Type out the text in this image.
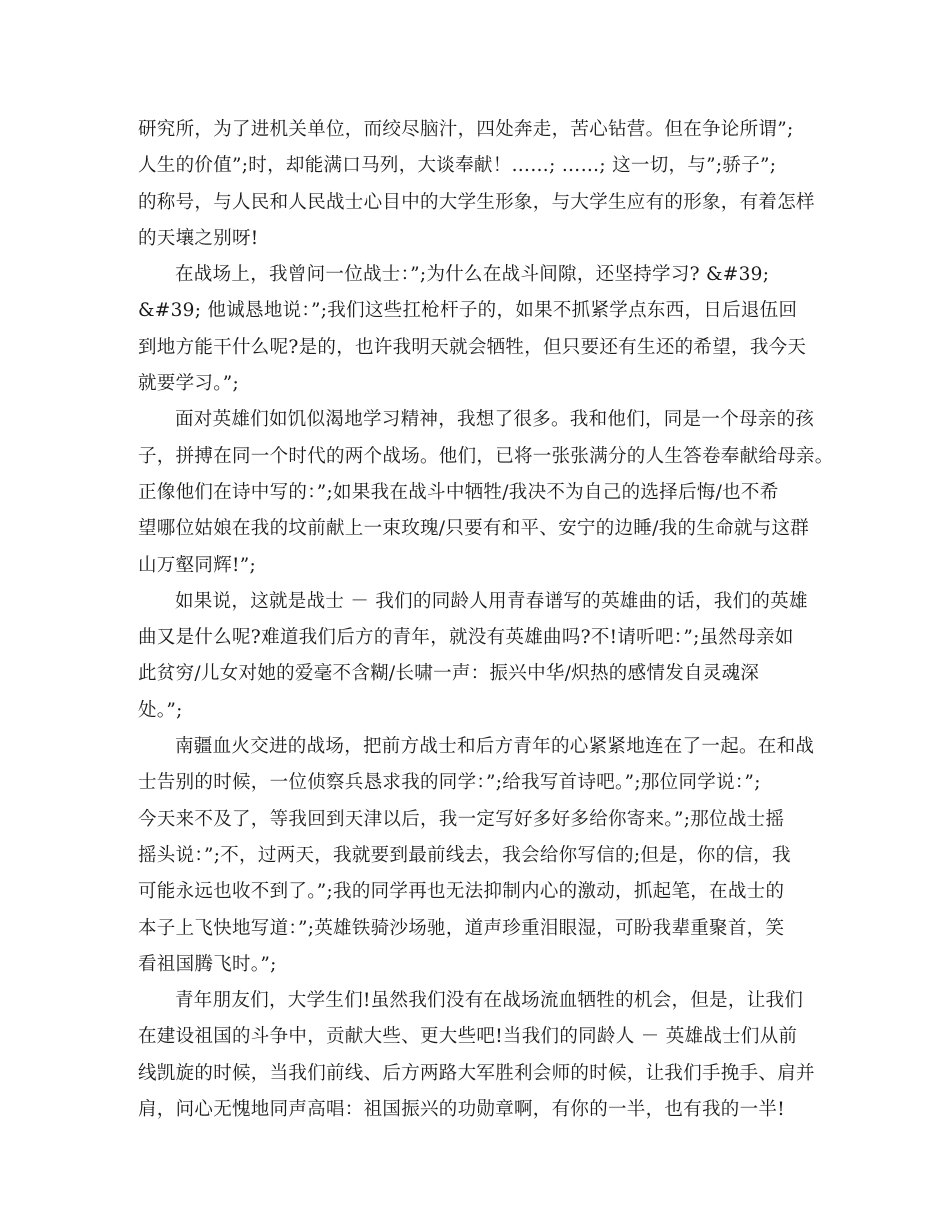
研究所，为了进机关单位，而绞尽脑汁，四处奔走，苦心钻营。但在争论所谓”;
人生的价值”;时，却能满口马列，大谈奉献！……; ……; 这一切，与”;骄子”;
的称号，与人民和人民战士心目中的大学生形象，与大学生应有的形象，有着怎样
的天壤之别呀!
在战场上，我曾问一位战士：”;为什么在战斗间隙，还坚持学习? &#39;
&#39; 他诚恳地说：”;我们这些扛枪杆子的，如果不抓紧学点东西，日后退伍回
到地方能干什么呢?是的，也许我明天就会牺牲，但只要还有生还的希望，我今天
就要学习。”;
面对英雄们如饥似渴地学习精神，我想了很多。我和他们，同是一个母亲的孩
子，拼搏在同一个时代的两个战场。他们，已将一张张满分的人生答卷奉献给母亲。
正像他们在诗中写的：”;如果我在战斗中牺牲/我决不为自己的选择后悔/也不希
望哪位姑娘在我的坟前献上一束玫瑰/只要有和平、安宁的边睡/我的生命就与这群
山万壑同辉!”;
如果说，这就是战士 － 我们的同龄人用青春谱写的英雄曲的话，我们的英雄
曲又是什么呢?难道我们后方的青年，就没有英雄曲吗?不!请听吧：”;虽然母亲如
此贫穷/儿女对她的爱毫不含糊/长啸一声：振兴中华/炽热的感情发自灵魂深
处。”;
南疆血火交进的战场，把前方战士和后方青年的心紧紧地连在了一起。在和战
士告别的时候，一位侦察兵恳求我的同学：”;给我写首诗吧。”;那位同学说：”;
今天来不及了，等我回到天津以后，我一定写好多好多给你寄来。”;那位战士摇
摇头说：”;不，过两天，我就要到最前线去，我会给你写信的;但是，你的信，我
可能永远也收不到了。”;我的同学再也无法抑制内心的激动，抓起笔，在战士的
本子上飞快地写道：”;英雄铁骑沙场驰，道声珍重泪眼湿，可盼我辈重聚首，笑
看祖国腾飞时。”;
青年朋友们，大学生们!虽然我们没有在战场流血牺牲的机会，但是，让我们
在建设祖国的斗争中，贡献大些、更大些吧!当我们的同龄人 － 英雄战士们从前
线凯旋的时候，当我们前线、后方两路大军胜利会师的时候，让我们手挽手、肩并
肩，问心无愧地同声高唱：祖国振兴的功勋章啊，有你的一半，也有我的一半!
